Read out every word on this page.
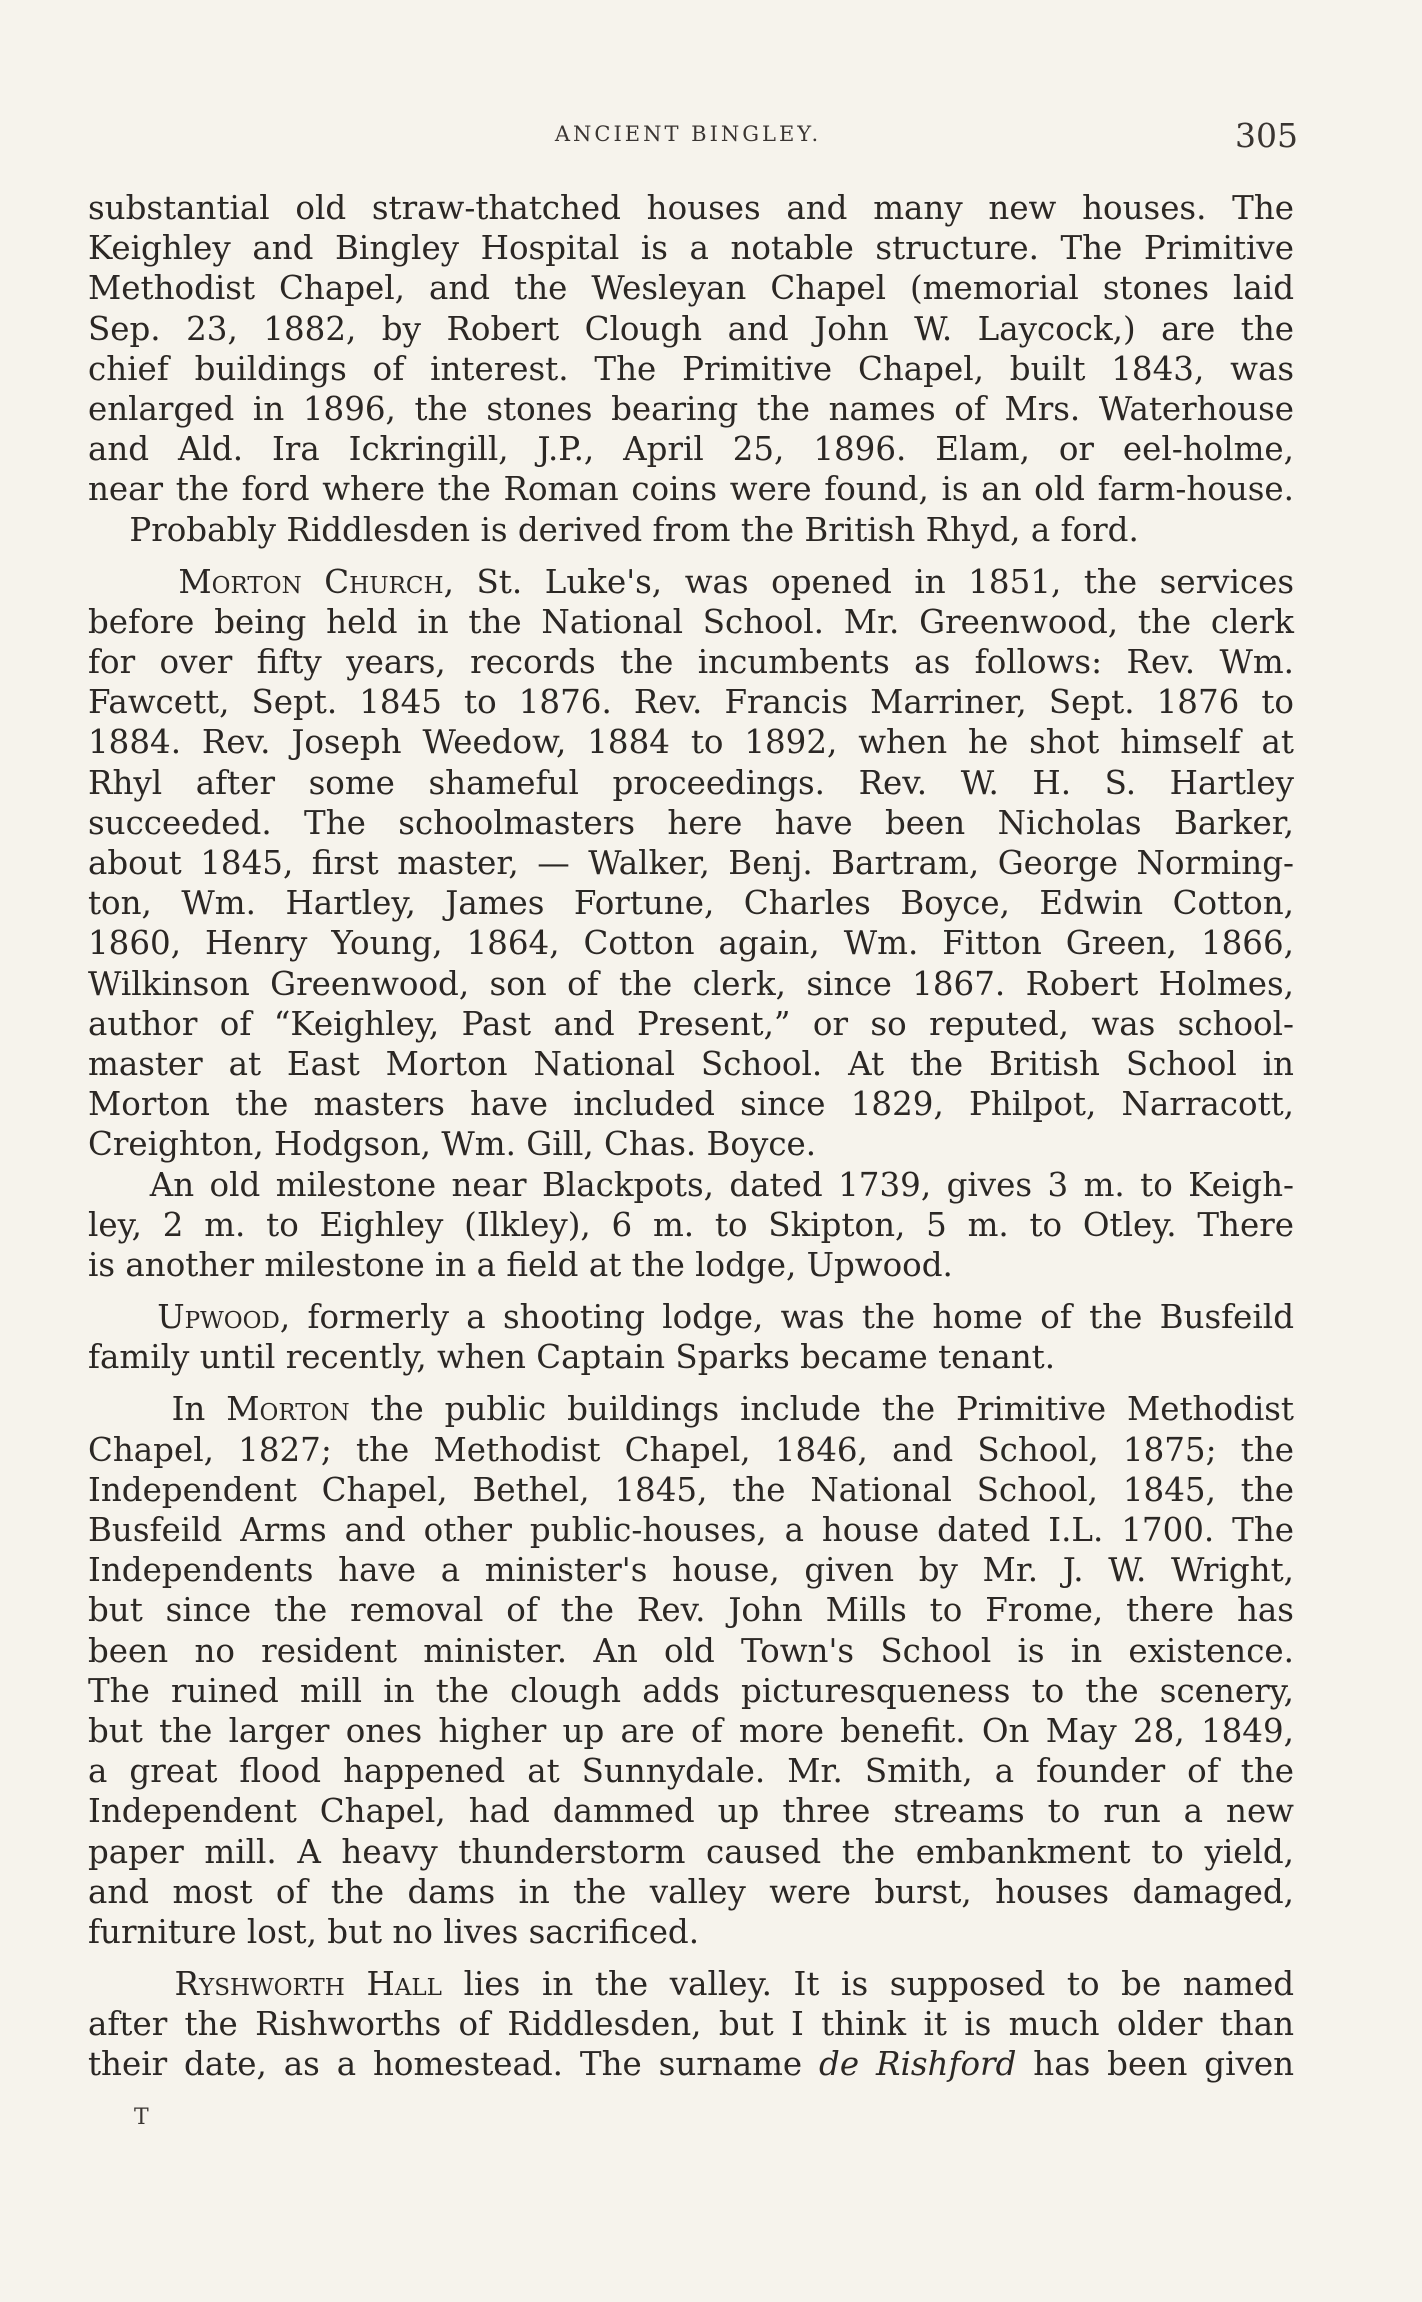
ANCIENT BINGLEY.	305
substantial old straw-thatched houses and many new houses. The
Keighley and Bingley Hospital is a notable structure. The Primitive
Methodist Chapel, and the Wesleyan Chapel (memorial stones laid
Sep. 23, 1882, by Robert Clough and John W. Laycock,) are the
chief buildings of interest. The Primitive Chapel, built 1843, was
enlarged in 1896, the stones bearing the names of Mrs. Waterhouse
and Ald. Ira Ickringill, J.P., April 25, 1896. Elam, or eel-holme,
near the ford where the Roman coins were found, is an old farm-house.
Probably Riddlesden is derived from the British Rhyd, a ford.
Morton Church, St. Luke's, was opened in 1851, the services
before being held in the National School. Mr. Greenwood, the clerk
for over fifty years, records the incumbents as follows: Rev. Wm.
Fawcett, Sept. 1845 to 1876. Rev. Francis Marriner, Sept. 1876 to
1884. Rev. Joseph Weedow, 1884 to 1892, when he shot himself at
Rhyl after some shameful proceedings. Rev. W. H. S. Hartley
succeeded. The schoolmasters here have been Nicholas Barker,
about 1845, first master, — Walker, Benj. Bartram, George Norming-
ton, Wm. Hartley, James Fortune, Charles Boyce, Edwin Cotton,
1860, Henry Young, 1864, Cotton again, Wm. Fitton Green, 1866,
Wilkinson Greenwood, son of the clerk, since 1867. Robert Holmes,
author of “Keighley, Past and Present,” or so reputed, was school-
master at East Morton National School. At the British School in
Morton the masters have included since 1829, Philpot, Narracott,
Creighton, Hodgson, Wm. Gill, Chas. Boyce.
An old milestone near Blackpots, dated 1739, gives 3 m. to Keigh-
ley, 2 m. to Eighley (Ilkley), 6 m. to Skipton, 5 m. to Otley. There
is another milestone in a field at the lodge, Upwood.
Upwood, formerly a shooting lodge, was the home of the Busfeild
family until recently, when Captain Sparks became tenant.
In Morton the public buildings include the Primitive Methodist
Chapel, 1827; the Methodist Chapel, 1846, and School, 1875; the
Independent Chapel, Bethel, 1845, the National School, 1845, the
Busfeild Arms and other public-houses, a house dated I.L. 1700. The
Independents have a minister's house, given by Mr. J. W. Wright,
but since the removal of the Rev. John Mills to Frome, there has
been no resident minister. An old Town's School is in existence.
The ruined mill in the clough adds picturesqueness to the scenery,
but the larger ones higher up are of more benefit. On May 28, 1849,
a great flood happened at Sunnydale. Mr. Smith, a founder of the
Independent Chapel, had dammed up three streams to run a new
paper mill. A heavy thunderstorm caused the embankment to yield,
and most of the dams in the valley were burst, houses damaged,
furniture lost, but no lives sacrificed.
Ryshworth Hall lies in the valley. It is supposed to be named
after the Rishworths of Riddlesden, but I think it is much older than
their date, as a homestead. The surname de Rishford has been given
T
